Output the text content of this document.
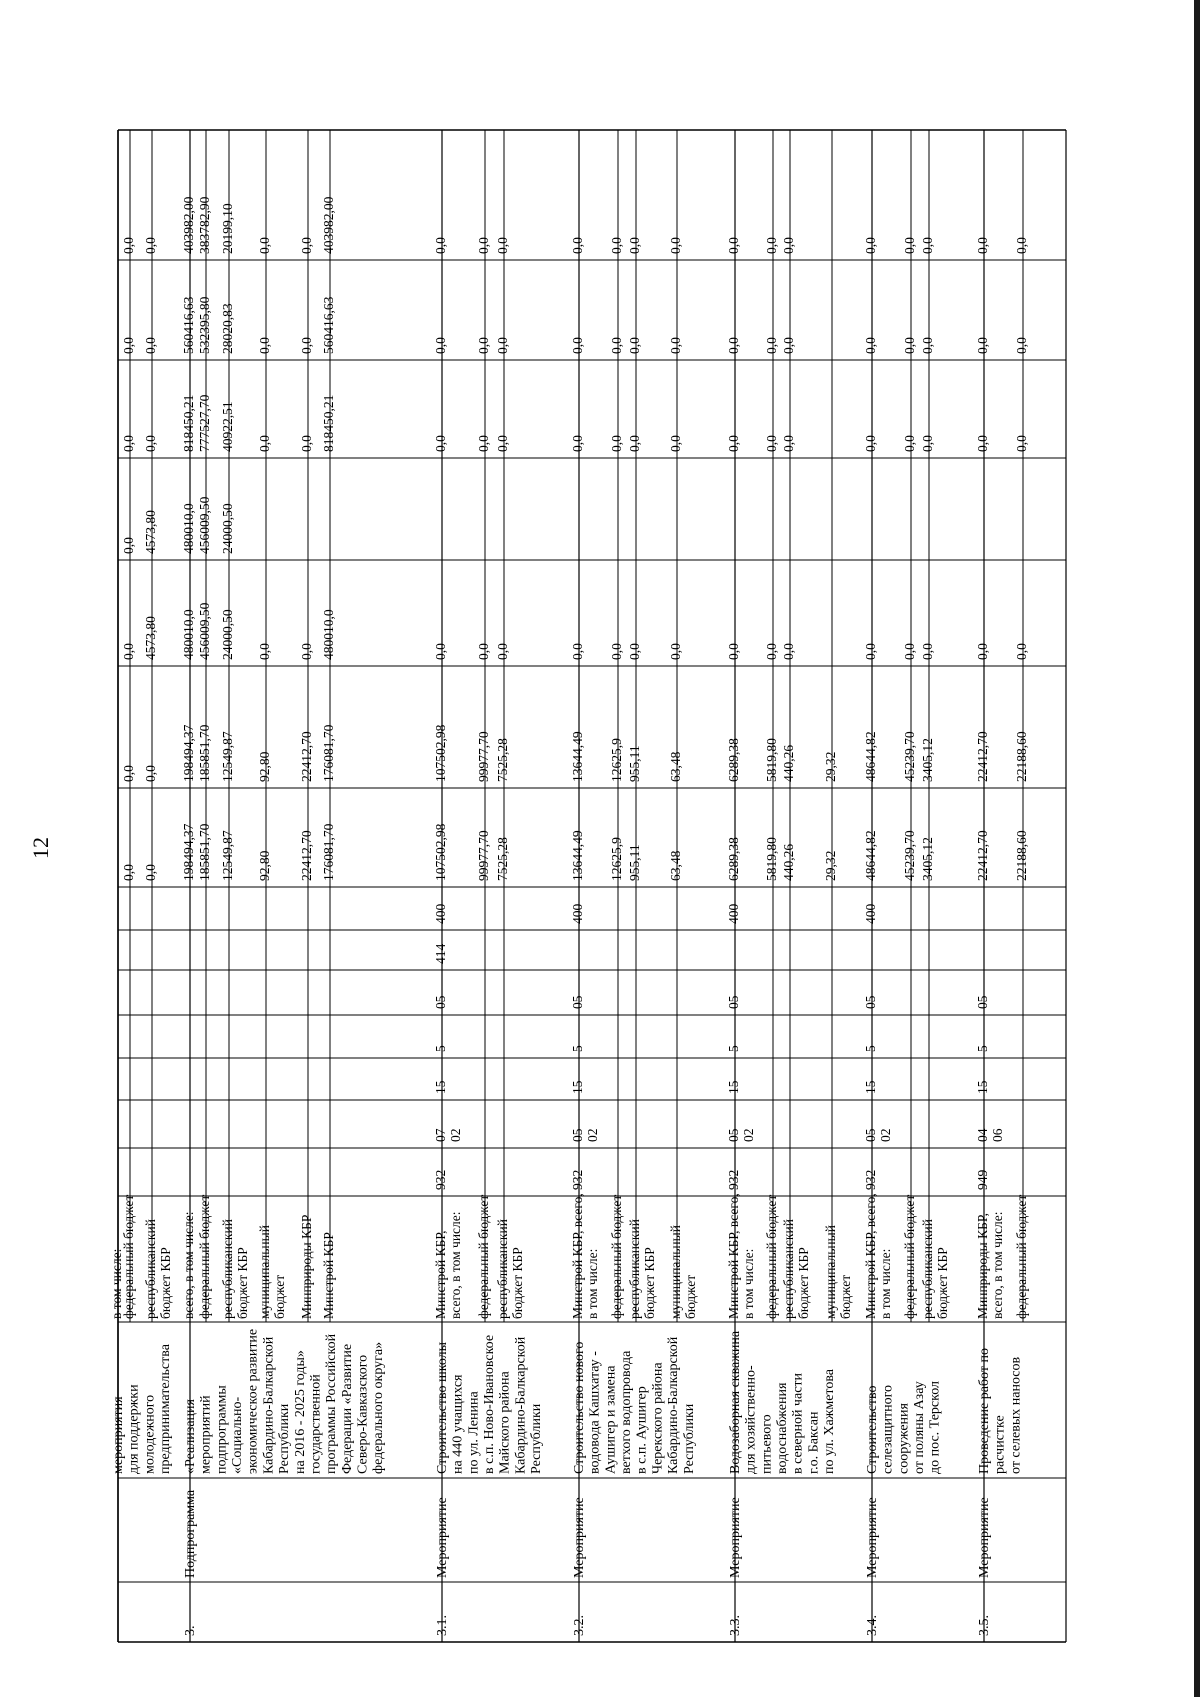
12
мероприятия для поддержки молодежного предпринимательства
в том числе:
федеральный бюджет
0,0
0,0
0,0
0,0
0,0
0,0
0,0
республиканский бюджет КБР
0,0
0,0
4573,80
4573,80
0,0
0,0
0,0
3.
Подпрограмма
«Реализация мероприятий подпрограммы «Социально- экономическое развитие Кабардино-Балкарской Республики на 2016 - 2025 годы» государственной программы Российской Федерации «Развитие Северо-Кавказского федерального округа»
всего, в том числе:
198494,37
198494,37
480010,0
480010,0
818450,21
560416,63
403982,00
федеральный бюджет
185851,70
185851,70
456009,50
456009,50
777527,70
532395,80
383782,90
республиканский бюджет КБР
12549,87
12549,87
24000,50
24000,50
40922,51
28020,83
20199,10
муниципальный бюджет
92,80
92,80
0,0
0,0
0,0
0,0
Минприроды КБР
22412,70
22412,70
0,0
0,0
0,0
0,0
Минстрой КБР
176081,70
176081,70
480010,0
818450,21
560416,63
403982,00
3.1.
Мероприятие
Строительство школы на 440 учащихся по ул. Ленина в с.п. Ново-Ивановское Майского района Кабардино-Балкарской Республики
Минстрой КБР, всего, в том числе:
932
07 02
15
5
05
414
400
107502,98
107502,98
0,0
0,0
0,0
0,0
федеральный бюджет
99977,70
99977,70
0,0
0,0
0,0
0,0
республиканский бюджет КБР
7525,28
7525,28
0,0
0,0
0,0
0,0
3.2.
Мероприятие
Строительство нового водовода Кашхатау - Аушигер и замена ветхого водопровода в с.п. Аушигер Черекского района Кабардино-Балкарской Республики
Минстрой КБР, всего, в том числе:
932
05 02
15
5
05
400
13644,49
13644,49
0,0
0,0
0,0
0,0
федеральный бюджет
12625,9
12625,9
0,0
0,0
0,0
0,0
республиканский бюджет КБР
955,11
955,11
0,0
0,0
0,0
0,0
муниципальный бюджет
63,48
63,48
0,0
0,0
0,0
0,0
3.3.
Мероприятие
Водозаборная скважина для хозяйственно- питьевого водоснабжения в северной части г.о. Баксан по ул. Хажметова
Минстрой КБР, всего, в том числе:
932
05 02
15
5
05
400
6289,38
6289,38
0,0
0,0
0,0
0,0
федеральный бюджет
5819,80
5819,80
0,0
0,0
0,0
0,0
республиканский бюджет КБР
440,26
440,26
0,0
0,0
0,0
0,0
муниципальный бюджет
29,32
29,32
3.4.
Мероприятие
Строительство селезащитного сооружения от поляны Азау до пос. Терскол
Минстрой КБР, всего, в том числе:
932
05 02
15
5
05
400
48644,82
48644,82
0,0
0,0
0,0
0,0
федеральный бюджет
45239,70
45239,70
0,0
0,0
0,0
0,0
республиканский бюджет КБР
3405,12
3405,12
0,0
0,0
0,0
0,0
3.5.
Мероприятие
Проведение работ по расчистке от селевых наносов
Минприроды КБР, всего, в том числе:
949
04 06
15
5
05
22412,70
22412,70
0,0
0,0
0,0
0,0
федеральный бюджет
22188,60
22188,60
0,0
0,0
0,0
0,0
